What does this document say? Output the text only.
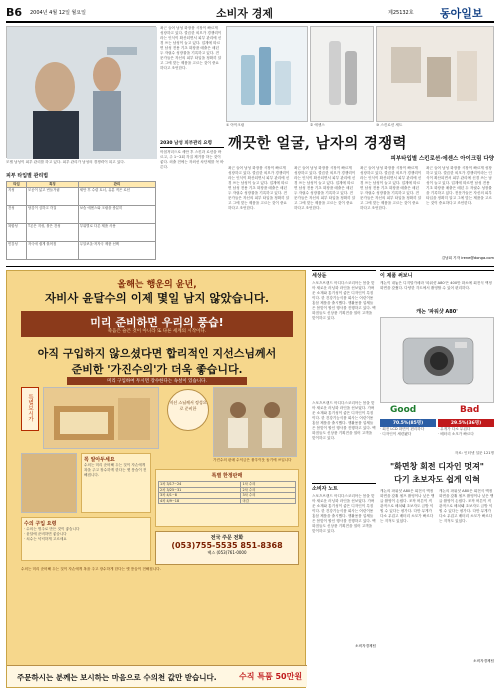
B6 2004년 4월 12일 월요일	소비자 경제	제25132호 동아일보
모델 남성이 피부 관리를 하고 있다. 피부 관리가 남성의 경쟁력이 되고 있다.
피부 타입별 관리법
타입	특징	관리
지성	모공이 넓고 번들거림	세안 후 수렴 토너, 유분 적은 로션
건성	당김이 심하고 각질	보습 에센스와 크림을 충분히
복합성	T존은 지성, 볼은 건성	부위별로 다른 제품 사용
민감성	자극에 쉽게 붉어짐	무알코올·저자극 제품 선택
최근 들어 남성 화장품 시장이 빠르게 성장하고 있다. 깔끔한 외모가 경쟁력이라는 인식이 확산되면서 피부 관리에 신경 쓰는 남성이 늘고 있다. 업계에 따르면 남성 전용 기초 화장품 매출은 매년 두 자릿수 성장률을 기록하고 있다. 전문가들은 자신의 피부 타입을 정확히 알고 그에 맞는 제품을 고르는 것이 중요하다고 조언한다.
① 아이크림	② 에센스	③ 스킨로션 세트
깨끗한 얼굴, 남자의 경쟁력
피부타입별 스킨로션·에센스 아이크림 다양
2030 남성 피부관리 요령
아침저녁으로 세안 후 스킨과 로션을 바르고, 주 1~2회 각질 제거를 하는 것이 좋다. 외출 전에는 자외선 차단제를 꼭 바른다.	최근 들어 남성 화장품 시장이 빠르게 성장하고 있다. 깔끔한 외모가 경쟁력이라는 인식이 확산되면서 피부 관리에 신경 쓰는 남성이 늘고 있다. 업계에 따르면 남성 전용 기초 화장품 매출은 매년 두 자릿수 성장률을 기록하고 있다. 전문가들은 자신의 피부 타입을 정확히 알고 그에 맞는 제품을 고르는 것이 중요하다고 조언한다.
최근 들어 남성 화장품 시장이 빠르게 성장하고 있다. 깔끔한 외모가 경쟁력이라는 인식이 확산되면서 피부 관리에 신경 쓰는 남성이 늘고 있다. 업계에 따르면 남성 전용 기초 화장품 매출은 매년 두 자릿수 성장률을 기록하고 있다. 전문가들은 자신의 피부 타입을 정확히 알고 그에 맞는 제품을 고르는 것이 중요하다고 조언한다.
최근 들어 남성 화장품 시장이 빠르게 성장하고 있다. 깔끔한 외모가 경쟁력이라는 인식이 확산되면서 피부 관리에 신경 쓰는 남성이 늘고 있다. 업계에 따르면 남성 전용 기초 화장품 매출은 매년 두 자릿수 성장률을 기록하고 있다. 전문가들은 자신의 피부 타입을 정확히 알고 그에 맞는 제품을 고르는 것이 중요하다고 조언한다.
최근 들어 남성 화장품 시장이 빠르게 성장하고 있다. 깔끔한 외모가 경쟁력이라는 인식이 확산되면서 피부 관리에 신경 쓰는 남성이 늘고 있다. 업계에 따르면 남성 전용 기초 화장품 매출은 매년 두 자릿수 성장률을 기록하고 있다. 전문가들은 자신의 피부 타입을 정확히 알고 그에 맞는 제품을 고르는 것이 중요하다고 조언한다.
김남희 기자 irene@donga.com
올해는 행운의 윤년,
자비사 윤달수의 이제 몇일 남지 않았습니다.
미리 준비하면 우리의 풍습!
죽음은 슬픈 것이 아니라 또 다른 세계의 시작이다.
아직 구입하지 않으셨다면 합리적인 지선스님께서
준비한 '가진수의'가 더욱 좋습니다.
미리 구입하여 두시면 장수한다는 속설이 있습니다.
특별
보시가
지선 스님께서 정성으로 준비한
가진수의 판매 수익금은 불우이웃 돕기에 쓰입니다
꼭 알아두세요
수의는 미리 준비해 두는 것이 자손에게 복을 주고 장수하게 한다는 옛 풍습이 전해집니다.	특별 한정판매
1차 3/17~24	1차 수의
2차 3/25~31	2차 수의
3차 4/1~8	3차 수의
4차 4/9~18	마감
수의 구입 요령
· 수의는 명주로 만든 것이 좋습니다
· 윤달에 준비하면 좋습니다
· 치수는 넉넉하게 고르세요	전국 주문 전화
(053)755-5535 851-8368
팩스 (053)761-0000
수의는 미리 준비해 두는 것이 자손에게 복을 주고 장수하게 한다는 옛 풍습이 전해집니다.
주문하시는 분께는 보시하는 마음으로 수의천 값만 받습니다.	수직 특품 50만원
세상돋
스포츠브랜드 아디다스코리아는 봄을 맞아 새로운 러닝화 라인을 선보였다. 가벼운 소재와 통기성이 좋은 디자인이 특징이다. 한 건강기능식품 회사는 어린이용 홍삼 제품을 출시했다. 생활용품 업체들은 봄맞이 할인 행사를 진행하고 있다. 백화점들도 신상품 기획전을 열어 고객을 맞이하고 있다.
스포츠브랜드 아디다스코리아는 봄을 맞아 새로운 러닝화 라인을 선보였다. 가벼운 소재와 통기성이 좋은 디자인이 특징이다. 한 건강기능식품 회사는 어린이용 홍삼 제품을 출시했다. 생활용품 업체들은 봄맞이 할인 행사를 진행하고 있다. 백화점들도 신상품 기획전을 열어 고객을 맞이하고 있다.
소비자 노트
스포츠브랜드 아디다스코리아는 봄을 맞아 새로운 러닝화 라인을 선보였다. 가벼운 소재와 통기성이 좋은 디자인이 특징이다. 한 건강기능식품 회사는 어린이용 홍삼 제품을 출시했다. 생활용품 업체들은 봄맞이 할인 행사를 진행하고 있다. 백화점들도 신상품 기획전을 열어 고객을 맞이하고 있다.
소비자경제팀
이 제품 써보니
캐논이 내놓은 디지털카메라 '파워샷 A80'은 400만 화소에 회전식 액정 화면을 갖췄다. 다양한 각도에서 촬영할 수 있어 편리하다.
캐논 '파워샷 A80'
Good	Bad
70.5%(85명)	29.5%(36명)
· 회전 LCD 화면이 편리하다
· 디자인이 세련됐다
· 무게가 다소 무겁다
· 배터리 소모가 빠르다
자료: 인터넷 설문 121명
"화면창 회전 디자인 멋져"
다기 초보자도 쉽게 익혀
캐논의 파워샷 A80은 회전식 액정 화면을 갖춰 셀프 촬영이나 낮은 앵글 촬영이 손쉽다. 조작 버튼이 직관적으로 배치돼 초보자도 금방 익힐 수 있다는 평가다. 다만 무게가 다소 무겁고 배터리 소모가 빠르다는 지적도 있었다.
캐논의 파워샷 A80은 회전식 액정 화면을 갖춰 셀프 촬영이나 낮은 앵글 촬영이 손쉽다. 조작 버튼이 직관적으로 배치돼 초보자도 금방 익힐 수 있다는 평가다. 다만 무게가 다소 무겁고 배터리 소모가 빠르다는 지적도 있었다.
소비자경제팀
